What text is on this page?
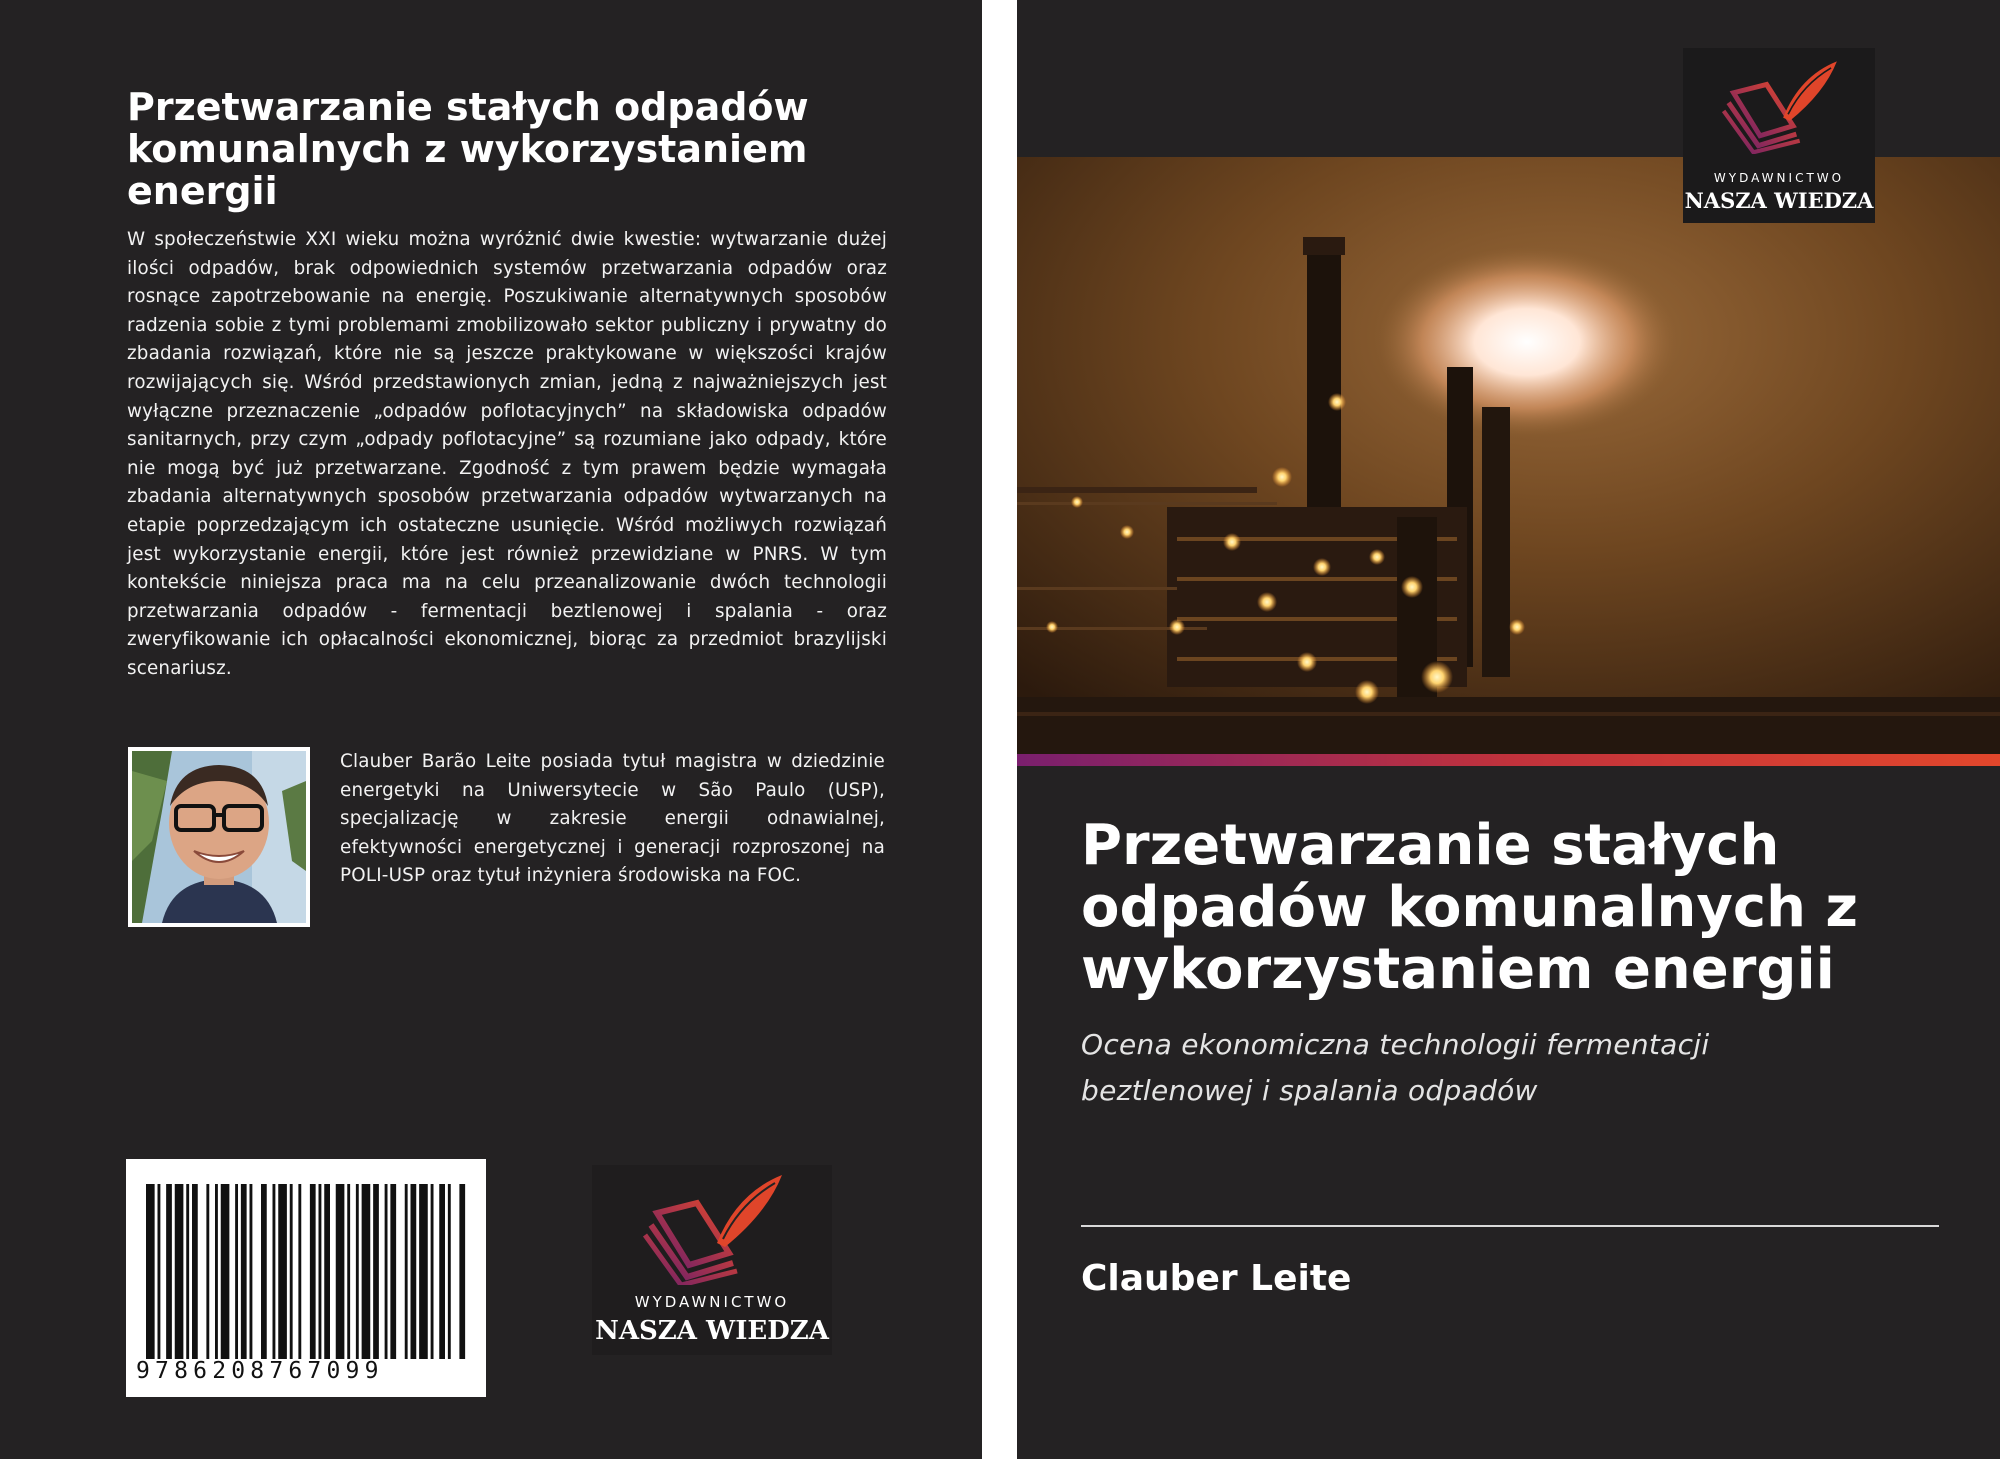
Przetwarzanie stałych odpadów komunalnych z wykorzystaniem energii

W społeczeństwie XXI wieku można wyróżnić dwie kwestie: wytwarzanie dużej ilości odpadów, brak odpowiednich systemów przetwarzania odpadów oraz rosnące zapotrzebowanie na energię. Poszukiwanie alternatywnych sposobów radzenia sobie z tymi problemami zmobilizowało sektor publiczny i prywatny do zbadania rozwiązań, które nie są jeszcze praktykowane w większości krajów rozwijających się. Wśród przedstawionych zmian, jedną z najważniejszych jest wyłączne przeznaczenie „odpadów poflotacyjnych” na składowiska odpadów sanitarnych, przy czym „odpady poflotacyjne” są rozumiane jako odpady, które nie mogą być już przetwarzane. Zgodność z tym prawem będzie wymagała zbadania alternatywnych sposobów przetwarzania odpadów wytwarzanych na etapie poprzedzającym ich ostateczne usunięcie. Wśród możliwych rozwiązań jest wykorzystanie energii, które jest również przewidziane w PNRS. W tym kontekście niniejsza praca ma na celu przeanalizowanie dwóch technologii przetwarzania odpadów - fermentacji beztlenowej i spalania - oraz zweryfikowanie ich opłacalności ekonomicznej, biorąc za przedmiot brazylijski scenariusz.

Clauber Barão Leite posiada tytuł magistra w dziedzinie energetyki na Uniwersytecie w São Paulo (USP), specjalizację w zakresie energii odnawialnej, efektywności energetycznej i generacji rozproszonej na POLI-USP oraz tytuł inżyniera środowiska na FOC.

9786208767099
WYDAWNICTWO
NASZA WIEDZA
WYDAWNICTWO
NASZA WIEDZA
Przetwarzanie stałych odpadów komunalnych z wykorzystaniem energii

Ocena ekonomiczna technologii fermentacji beztlenowej i spalania odpadów

Clauber Leite
